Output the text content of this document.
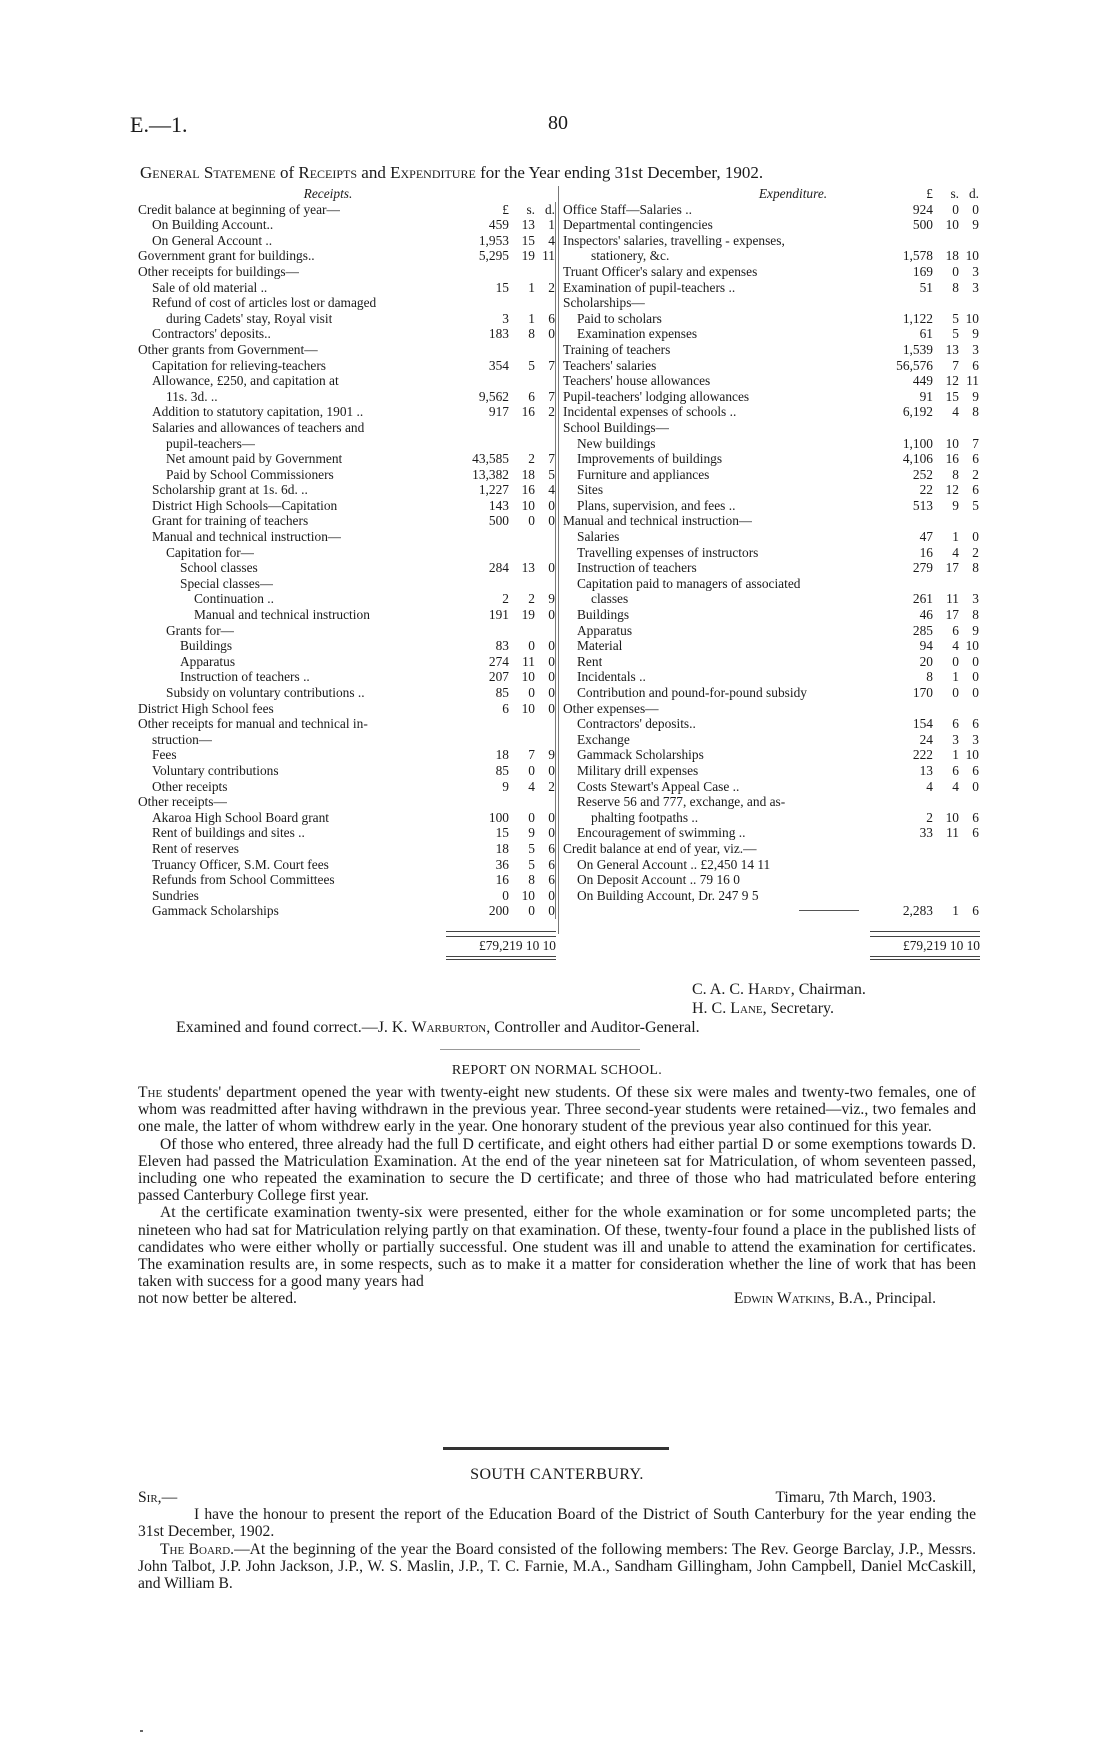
E.—1.	80
General Statemene of Receipts and Expenditure for the Year ending 31st December, 1902.
Receipts.
Credit balance at beginning of year—	£ s. d.
On Building Account..	459 13 1
On General Account ..	1,953 15 4
Government grant for buildings..	5,295 19 11
Other receipts for buildings—
Sale of old material ..	15 1 2
Refund of cost of articles lost or damaged
during Cadets' stay, Royal visit	3 1 6
Contractors' deposits..	183 8 0
Other grants from Government—
Capitation for relieving-teachers	354 5 7
Allowance, £250, and capitation at
11s. 3d. ..	9,562 6 7
Addition to statutory capitation, 1901 ..	917 16 2
Salaries and allowances of teachers and
pupil-teachers—
Net amount paid by Government	43,585 2 7
Paid by School Commissioners	13,382 18 5
Scholarship grant at 1s. 6d. ..	1,227 16 4
District High Schools—Capitation	143 10 0
Grant for training of teachers	500 0 0
Manual and technical instruction—
Capitation for—
School classes	284 13 0
Special classes—
Continuation ..	2 2 9
Manual and technical instruction	191 19 0
Grants for—
Buildings	83 0 0
Apparatus	274 11 0
Instruction of teachers ..	207 10 0
Subsidy on voluntary contributions ..	85 0 0
District High School fees	6 10 0
Other receipts for manual and technical in-
struction—
Fees	18 7 9
Voluntary contributions	85 0 0
Other receipts	9 4 2
Other receipts—
Akaroa High School Board grant	100 0 0
Rent of buildings and sites ..	15 9 0
Rent of reserves	18 5 6
Truancy Officer, S.M. Court fees	36 5 6
Refunds from School Committees	16 8 6
Sundries	0 10 0
Gammack Scholarships	200 0 0
Expenditure.	£ s. d.
Office Staff—Salaries ..	924 0 0
Departmental contingencies	500 10 9
Inspectors' salaries, travelling - expenses,
stationery, &c.	1,578 18 10
Truant Officer's salary and expenses	169 0 3
Examination of pupil-teachers ..	51 8 3
Scholarships—
Paid to scholars	1,122 5 10
Examination expenses	61 5 9
Training of teachers	1,539 13 3
Teachers' salaries	56,576 7 6
Teachers' house allowances	449 12 11
Pupil-teachers' lodging allowances	91 15 9
Incidental expenses of schools ..	6,192 4 8
School Buildings—
New buildings	1,100 10 7
Improvements of buildings	4,106 16 6
Furniture and appliances	252 8 2
Sites	22 12 6
Plans, supervision, and fees ..	513 9 5
Manual and technical instruction—
Salaries	47 1 0
Travelling expenses of instructors	16 4 2
Instruction of teachers	279 17 8
Capitation paid to managers of associated
classes	261 11 3
Buildings	46 17 8
Apparatus	285 6 9
Material	94 4 10
Rent	20 0 0
Incidentals ..	8 1 0
Contribution and pound-for-pound subsidy	170 0 0
Other expenses—
Contractors' deposits..	154 6 6
Exchange	24 3 3
Gammack Scholarships	222 1 10
Military drill expenses	13 6 6
Costs Stewart's Appeal Case ..	4 4 0
Reserve 56 and 777, exchange, and as-
phalting footpaths ..	2 10 6
Encouragement of swimming ..	33 11 6
Credit balance at end of year, viz.—
On General Account .. £2,450 14 11
On Deposit Account .. 79 16 0
On Building Account, Dr. 247 9 5
2,283 1 6
£79,219 10 10	£79,219 10 10
C. A. C. Hardy, Chairman.
H. C. Lane, Secretary.
Examined and found correct.—J. K. Warburton, Controller and Auditor-General.
REPORT ON NORMAL SCHOOL.

The students' department opened the year with twenty-eight new students. Of these six were males and twenty-two females, one of whom was readmitted after having withdrawn in the previous year. Three second-year students were retained—viz., two females and one male, the latter of whom withdrew early in the year. One honorary student of the previous year also continued for this year.

Of those who entered, three already had the full D certificate, and eight others had either partial D or some exemptions towards D. Eleven had passed the Matriculation Examination. At the end of the year nineteen sat for Matriculation, of whom seventeen passed, including one who repeated the examination to secure the D certificate; and three of those who had matriculated before entering passed Canterbury College first year.

At the certificate examination twenty-six were presented, either for the whole examination or for some uncompleted parts; the nineteen who had sat for Matriculation relying partly on that examination. Of these, twenty-four found a place in the published lists of candidates who were either wholly or partially successful. One student was ill and unable to attend the examination for certificates. The examination results are, in some respects, such as to make it a matter for consideration whether the line of work that has been taken with success for a good many years had

not now better be altered.	Edwin Watkins, B.A., Principal.

SOUTH CANTERBURY.

Sir,—	Timaru, 7th March, 1903.

I have the honour to present the report of the Education Board of the District of South Canterbury for the year ending the 31st December, 1902.

The Board.—At the beginning of the year the Board consisted of the following members: The Rev. George Barclay, J.P., Messrs. John Talbot, J.P. John Jackson, J.P., W. S. Maslin, J.P., T. C. Farnie, M.A., Sandham Gillingham, John Campbell, Daniel McCaskill, and William B.
